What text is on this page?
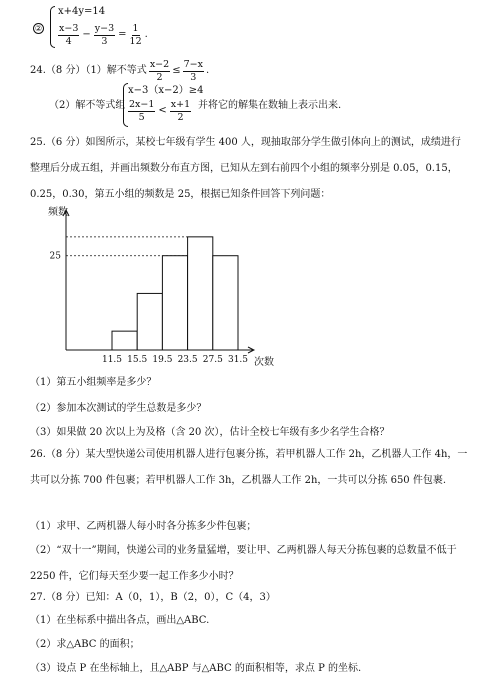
②
x+4y=14
$\frac{x-3}{4} - \frac{y-3}{3} = \frac{1}{12}$ .
24.（8 分）（1）解不等式 $\frac{x-2}{2} \le \frac{7-x}{3}$ .
（2）解不等式组
x−3（x−2）≥4
$\frac{2x-1}{5} < \frac{x+1}{2}$ 并将它的解集在数轴上表示出来.
25.（6 分）如图所示，某校七年级有学生 400 人，现抽取部分学生做引体向上的测试，成绩进行整理后分成五组，并画出频数分布直方图，已知从左到右前四个小组的频率分别是 0.05，0.15，0.25，0.30，第五小组的频数是 25，根据已知条件回答下列问题：
频数
次数
11.5 15.5 19.5 23.5 27.5 31.5
25
（1）第五小组频率是多少？
（2）参加本次测试的学生总数是多少？
（3）如果做 20 次以上为及格（含 20 次），估计全校七年级有多少名学生合格？
26.（8 分）某大型快递公司使用机器人进行包裹分拣，若甲机器人工作 2h，乙机器人工作 4h，一共可以分拣 700 件包裹；若甲机器人工作 3h，乙机器人工作 2h，一共可以分拣 650 件包裹.
（1）求甲、乙两机器人每小时各分拣多少件包裹；
（2）“双十一”期间，快递公司的业务量猛增，要让甲、乙两机器人每天分拣包裹的总数量不低于 2250 件，它们每天至少要一起工作多少小时？
27.（8 分）已知：A（0，1），B（2，0），C（4，3）
（1）在坐标系中描出各点，画出△ABC.
（2）求△ABC 的面积；
（3）设点 P 在坐标轴上，且△ABP 与△ABC 的面积相等，求点 P 的坐标.
